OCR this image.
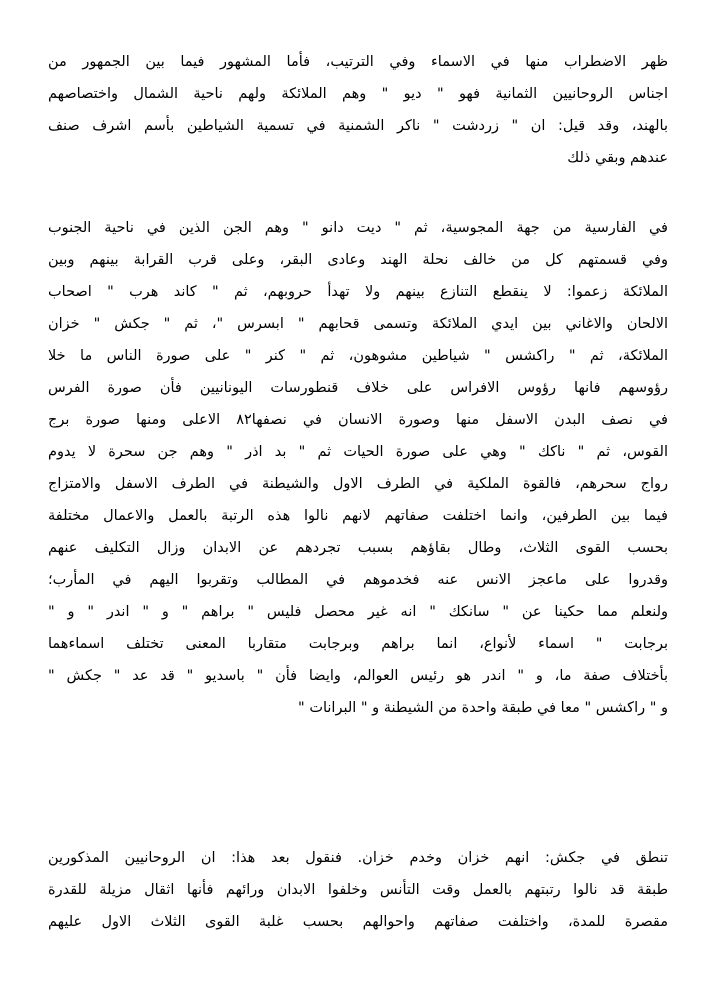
ظهر الاضطراب منها في الاسماء وفي الترتيب، فأما المشهور فيما بين الجمهور من
اجناس الروحانيين الثمانية فهو " ديو " وهم الملائكة ولهم ناحية الشمال واختصاصهم
بالهند، وقد قيل: ان " زردشت " ناكر الشمنية في تسمية الشياطين بأسم اشرف صنف
عندهم وبقي ذلك
في الفارسية من جهة المجوسية، ثم " ديت دانو " وهم الجن الذين في ناحية الجنوب
وفي قسمتهم كل من خالف نحلة الهند وعادى البقر، وعلى قرب القرابة بينهم وبين
الملائكة زعموا: لا ينقطع التنازع بينهم ولا تهدأ حروبهم، ثم " كاند هرب " اصحاب
الالحان والاغاني بين ايدي الملائكة وتسمى قحابهم " ابسرس "، ثم " جكش " خزان
الملائكة، ثم " راكشس " شياطين مشوهون، ثم " كنر " على صورة الناس ما خلا
رؤوسهم فانها رؤوس الافراس على خلاف قنطورسات اليونانيين فأن صورة الفرس
في نصف البدن الاسفل منها وصورة الانسان في نصفها٨٢ الاعلى ومنها صورة برج
القوس، ثم " ناكك " وهي على صورة الحيات ثم " بد اذر " وهم جن سحرة لا يدوم
رواج سحرهم، فالقوة الملكية في الطرف الاول والشيطنة في الطرف الاسفل والامتزاج
فيما بين الطرفين، وانما اختلفت صفاتهم لانهم نالوا هذه الرتبة بالعمل والاعمال مختلفة
بحسب القوى الثلاث، وطال بقاؤهم بسبب تجردهم عن الابدان وزال التكليف عنهم
وقدروا على ماعجز الانس عنه فخدموهم في المطالب وتقربوا اليهم في المأرب؛
ولنعلم مما حكينا عن " سانكك " انه غير محصل فليس " براهم " و " اندر " و "
برجابت " اسماء لأنواع، انما براهم وبرجابت متقاربا المعنى تختلف اسماءهما
بأختلاف صفة ما، و " اندر هو رئيس العوالم، وايضا فأن " باسديو " قد عد " جكش "
و " راكشس " معا في طبقة واحدة من الشيطنة و " البرانات "
تنطق في جكش: انهم خزان وخدم خزان. فنقول بعد هذا: ان الروحانيين المذكورين
طبقة قد نالوا رتبتهم بالعمل وقت التأنس وخلفوا الابدان ورائهم فأنها اثقال مزيلة للقدرة
مقصرة للمدة، واختلفت صفاتهم واحوالهم بحسب غلبة القوى الثلاث الاول عليهم
